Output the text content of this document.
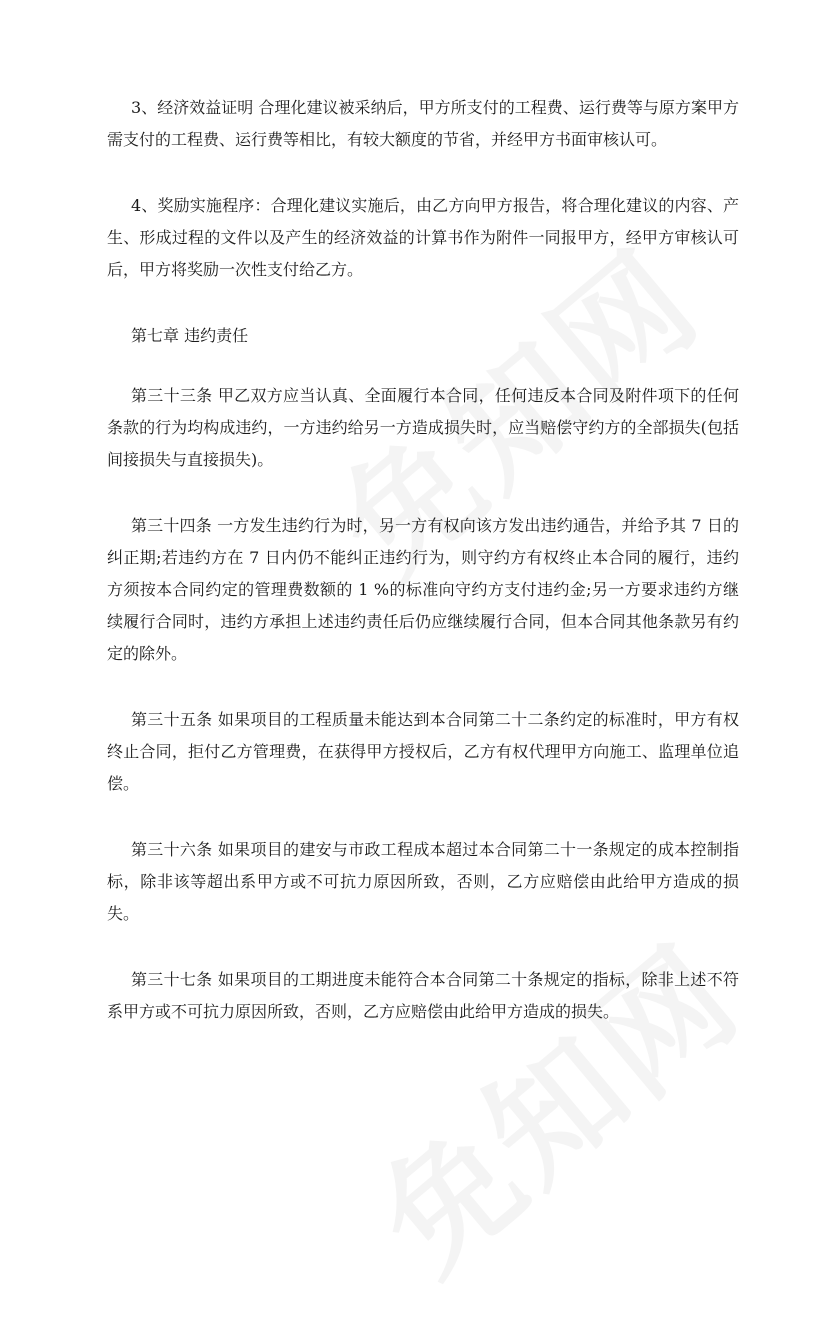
3、经济效益证明 合理化建议被采纳后，甲方所支付的工程费、运行费等与原方案甲方需支付的工程费、运行费等相比，有较大额度的节省，并经甲方书面审核认可。

4、奖励实施程序：合理化建议实施后，由乙方向甲方报告，将合理化建议的内容、产生、形成过程的文件以及产生的经济效益的计算书作为附件一同报甲方，经甲方审核认可后，甲方将奖励一次性支付给乙方。

第七章 违约责任

第三十三条 甲乙双方应当认真、全面履行本合同，任何违反本合同及附件项下的任何条款的行为均构成违约，一方违约给另一方造成损失时，应当赔偿守约方的全部损失(包括间接损失与直接损失)。

第三十四条 一方发生违约行为时，另一方有权向该方发出违约通告，并给予其 7 日的纠正期;若违约方在 7 日内仍不能纠正违约行为，则守约方有权终止本合同的履行，违约方须按本合同约定的管理费数额的 1 %的标准向守约方支付违约金;另一方要求违约方继续履行合同时，违约方承担上述违约责任后仍应继续履行合同，但本合同其他条款另有约定的除外。

第三十五条 如果项目的工程质量未能达到本合同第二十二条约定的标准时，甲方有权终止合同，拒付乙方管理费，在获得甲方授权后，乙方有权代理甲方向施工、监理单位追偿。

第三十六条 如果项目的建安与市政工程成本超过本合同第二十一条规定的成本控制指标，除非该等超出系甲方或不可抗力原因所致，否则，乙方应赔偿由此给甲方造成的损失。

第三十七条 如果项目的工期进度未能符合本合同第二十条规定的指标，除非上述不符系甲方或不可抗力原因所致，否则，乙方应赔偿由此给甲方造成的损失。
